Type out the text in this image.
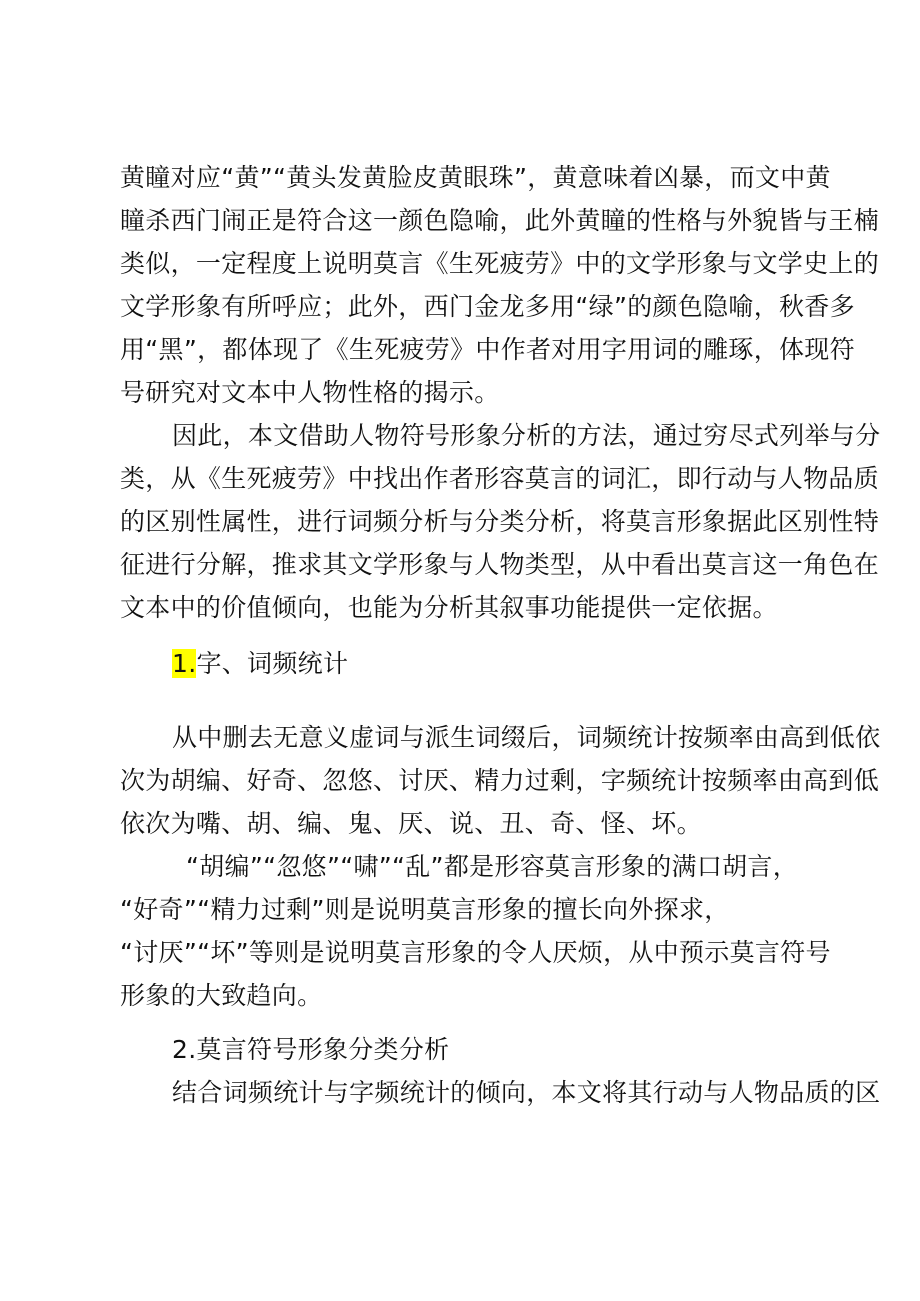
黄瞳对应“黄”“黄头发黄脸皮黄眼珠”，黄意味着凶暴，而文中黄
瞳杀西门闹正是符合这一颜色隐喻，此外黄瞳的性格与外貌皆与王楠
类似，一定程度上说明莫言《生死疲劳》中的文学形象与文学史上的
文学形象有所呼应；此外，西门金龙多用“绿”的颜色隐喻，秋香多
用“黑”，都体现了《生死疲劳》中作者对用字用词的雕琢，体现符
号研究对文本中人物性格的揭示。
因此，本文借助人物符号形象分析的方法，通过穷尽式列举与分
类，从《生死疲劳》中找出作者形容莫言的词汇，即行动与人物品质
的区别性属性，进行词频分析与分类分析，将莫言形象据此区别性特
征进行分解，推求其文学形象与人物类型，从中看出莫言这一角色在
文本中的价值倾向，也能为分析其叙事功能提供一定依据。
1.字、词频统计
从中删去无意义虚词与派生词缀后，词频统计按频率由高到低依
次为胡编、好奇、忽悠、讨厌、精力过剩，字频统计按频率由高到低
依次为嘴、胡、编、鬼、厌、说、丑、奇、怪、坏。
“胡编”“忽悠”“啸”“乱”都是形容莫言形象的满口胡言，
“好奇”“精力过剩”则是说明莫言形象的擅长向外探求，
“讨厌”“坏”等则是说明莫言形象的令人厌烦，从中预示莫言符号
形象的大致趋向。
2.莫言符号形象分类分析
结合词频统计与字频统计的倾向，本文将其行动与人物品质的区
